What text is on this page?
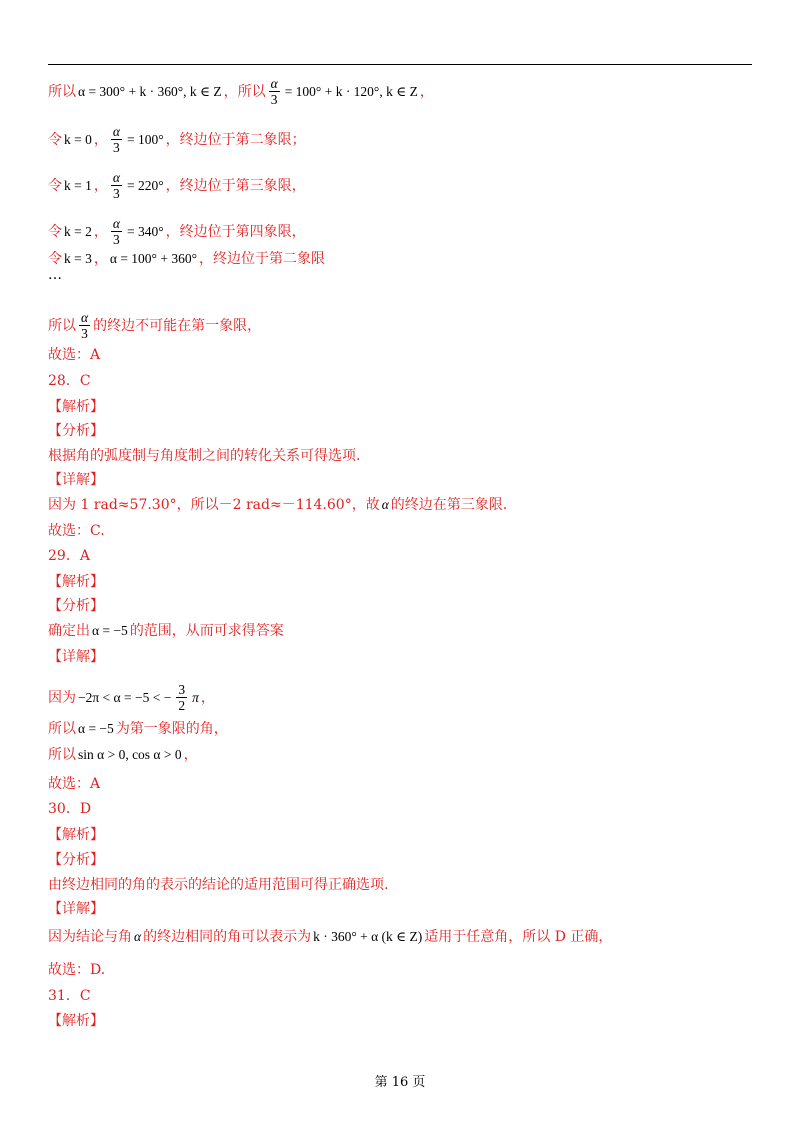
所以 α = 300° + k · 360°, k ∈ Z ，所以 $\frac{\alpha}{3} = 100^\circ + k \cdot 120^\circ$, k ∈ Z ，
令 k = 0 ， $\frac{\alpha}{3} = 100^\circ$ ，终边位于第二象限；
令 k = 1 ， $\frac{\alpha}{3} = 220^\circ$ ，终边位于第三象限，
令 k = 2 ， $\frac{\alpha}{3} = 340^\circ$ ，终边位于第四象限，
令 k = 3 ， α = 100° + 360° ，终边位于第二象限
…
所以 $\frac{\alpha}{3}$ 的终边不可能在第一象限，
故选：A
28．C
【解析】
【分析】
根据角的弧度制与角度制之间的转化关系可得选项.
【详解】
因为 1 rad≈57.30°，所以－2 rad≈－114.60°，故 α 的终边在第三象限.
故选：C.
29．A
【解析】
【分析】
确定出 α = −5 的范围，从而可求得答案
【详解】
因为 −2π < α = −5 < − $\frac{3}{2}$ π ，
所以 α = −5 为第一象限的角，
所以 sin α > 0, cos α > 0 ，
故选：A
30．D
【解析】
【分析】
由终边相同的角的表示的结论的适用范围可得正确选项.
【详解】
因为结论与角 α 的终边相同的角可以表示为 k · 360° + α (k ∈ Z) 适用于任意角，所以 D 正确，
故选：D.
31．C
【解析】
第 16 页
